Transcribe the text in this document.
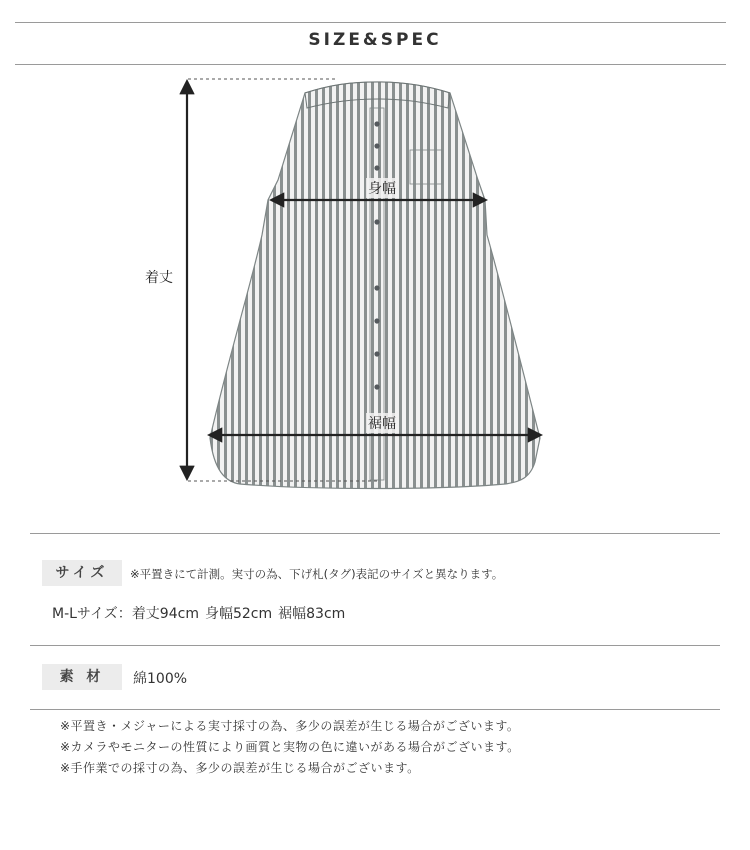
SIZE&SPEC
着丈
身幅
裾幅
サイズ	※平置きにて計測。実寸の為、下げ札(タグ)表記のサイズと異なります。
M-Lサイズ：着丈94cm 身幅52cm 裾幅83cm
素 材	綿100%
※平置き・メジャーによる実寸採寸の為、多少の誤差が生じる場合がございます。
※カメラやモニターの性質により画質と実物の色に違いがある場合がございます。
※手作業での採寸の為、多少の誤差が生じる場合がございます。
